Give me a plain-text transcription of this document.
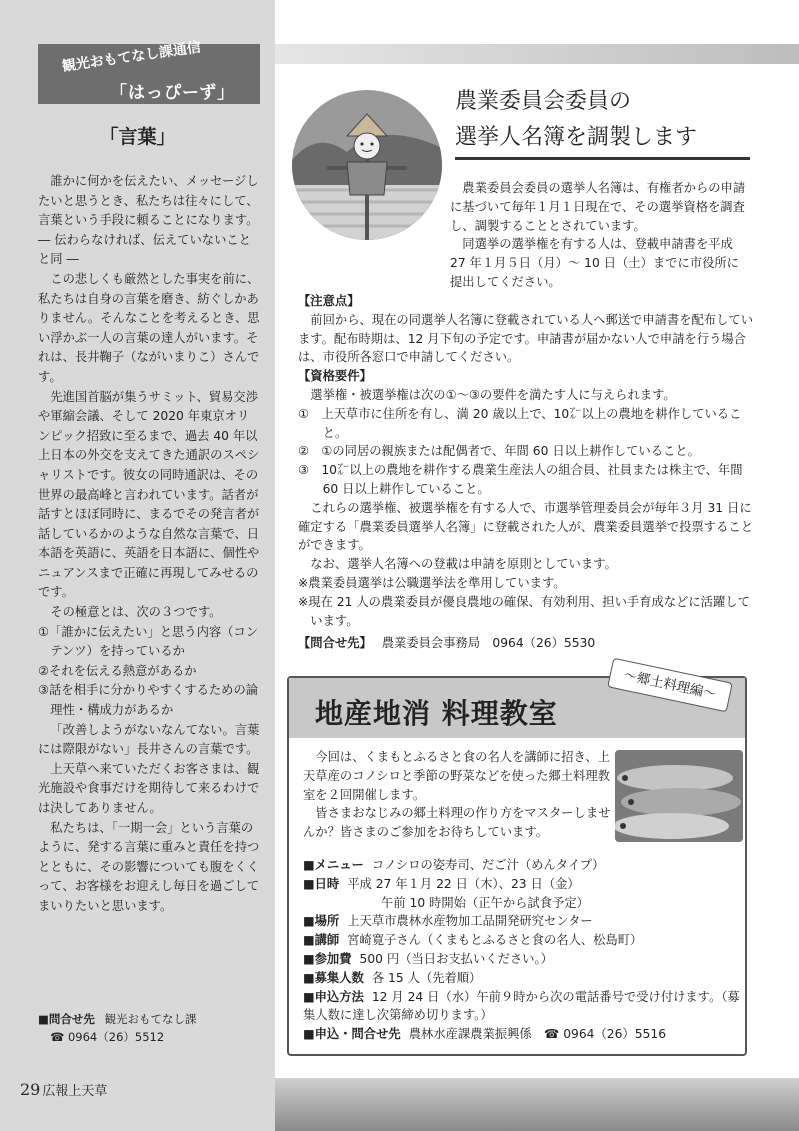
観光おもてなし課通信
「はっぴーず」
「言葉」

誰かに何かを伝えたい、メッセージしたいと思うとき、私たちは往々にして、言葉という手段に頼ることになります。

― 伝わらなければ、伝えていないことと同 ―

この悲しくも厳然とした事実を前に、私たちは自身の言葉を磨き、紡ぐしかありません。そんなことを考えるとき、思い浮かぶ一人の言葉の達人がいます。それは、長井鞠子（ながいまりこ）さんです。

先進国首脳が集うサミット、貿易交渉や軍縮会議、そして 2020 年東京オリンピック招致に至るまで、過去 40 年以上日本の外交を支えてきた通訳のスペシャリストです。彼女の同時通訳は、その世界の最高峰と言われています。話者が話すとほぼ同時に、まるでその発言者が話しているかのような自然な言葉で、日本語を英語に、英語を日本語に、個性やニュアンスまで正確に再現してみせるのです。

その極意とは、次の３つです。

①「誰かに伝えたい」と思う内容（コンテンツ）を持っているか

②それを伝える熱意があるか

③話を相手に分かりやすくするための論理性・構成力があるか

「改善しようがないなんてない。言葉には際限がない」長井さんの言葉です。

上天草へ来ていただくお客さまは、観光施設や食事だけを期待して来るわけでは決してありません。

私たちは、「一期一会」という言葉のように、発する言葉に重みと責任を持つとともに、その影響についても腹をくくって、お客様をお迎えし毎日を過ごしてまいりたいと思います。

■問合せ先 観光おもてなし課
☎ 0964（26）5512
29 広報上天草
農業委員会委員の
選挙人名簿を調製します

農業委員会委員の選挙人名簿は、有権者からの申請に基づいて毎年１月１日現在で、その選挙資格を調査し、調製することとされています。

同選挙の選挙権を有する人は、登載申請書を平成 27 年１月５日（月）～ 10 日（土）までに市役所に提出してください。

【注意点】

前回から、現在の同選挙人名簿に登載されている人へ郵送で申請書を配布しています。配布時期は、12 月下旬の予定です。申請書が届かない人で申請を行う場合は、市役所各窓口で申請してください。

【資格要件】

選挙権・被選挙権は次の①～③の要件を満たす人に与えられます。

①　上天草市に住所を有し、満 20 歳以上で、10㌃以上の農地を耕作していること。

②　①の同居の親族または配偶者で、年間 60 日以上耕作していること。

③　10㌃以上の農地を耕作する農業生産法人の組合員、社員または株主で、年間 60 日以上耕作していること。

これらの選挙権、被選挙権を有する人で、市選挙管理委員会が毎年３月 31 日に確定する「農業委員選挙人名簿」に登載された人が、農業委員選挙で投票することができます。

なお、選挙人名簿への登載は申請を原則としています。

※農業委員選挙は公職選挙法を準用しています。

※現在 21 人の農業委員が優良農地の確保、有効利用、担い手育成などに活躍しています。

【問合せ先】 農業委員会事務局　0964（26）5530

地産地消 料理教室
～郷土料理編～

今回は、くまもとふるさと食の名人を講師に招き、上天草産のコノシロと季節の野菜などを使った郷土料理教室を２回開催します。

皆さまおなじみの郷土料理の作り方をマスターしませんか？皆さまのご参加をお待ちしています。

■メニュー コノシロの姿寿司、だご汁（めんタイプ）

■日時 平成 27 年１月 22 日（木）、23 日（金）

午前 10 時開始（正午から試食予定）

■場所 上天草市農林水産物加工品開発研究センター

■講師 宮崎寛子さん（くまもとふるさと食の名人、松島町）

■参加費 500 円（当日お支払いください。）

■募集人数 各 15 人（先着順）

■申込方法 12 月 24 日（水）午前９時から次の電話番号で受け付けます。（募集人数に達し次第締め切ります。）

■申込・問合せ先 農林水産課農業振興係　☎ 0964（26）5516
